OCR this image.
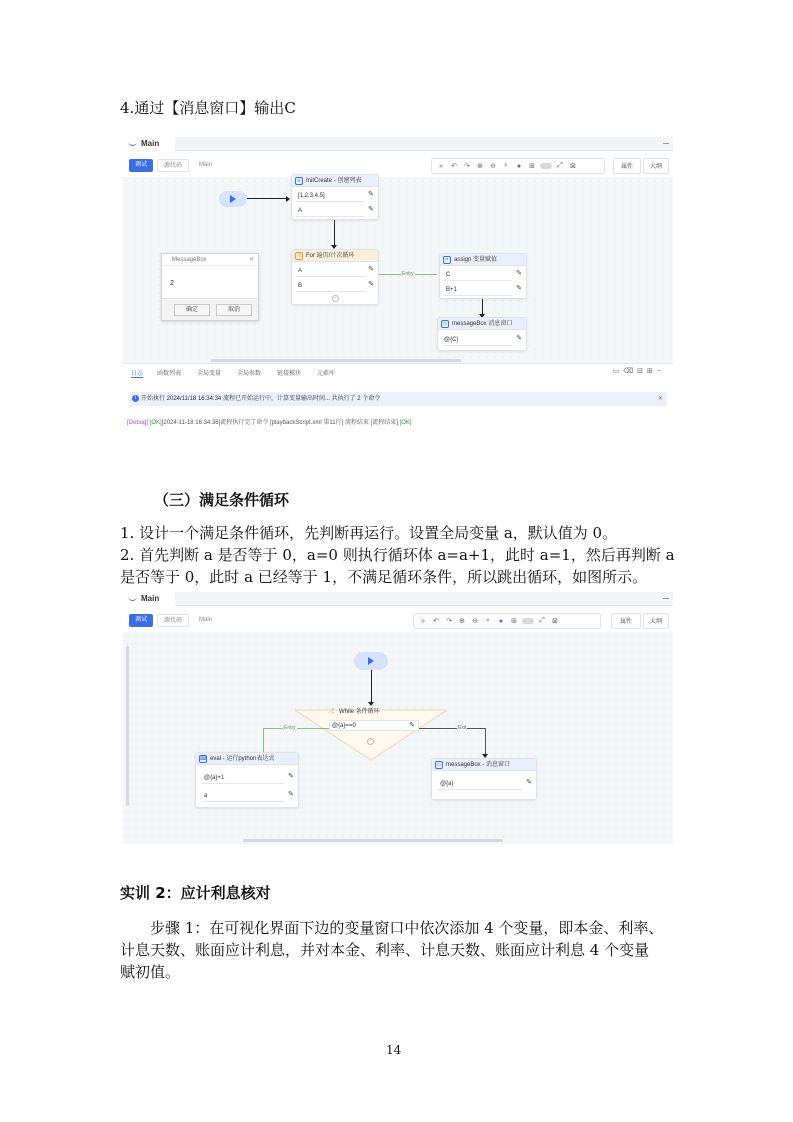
4.通过【消息窗口】输出C
Main
调试	源代码	Main	»	↶ ↷ ⊕ ⊖	⌕	●	⊞	⤢	⊠	属性	大纲
≡ InitCreate - 创建列表
[1,2,3,4,5]	✎
A	✎
⤮ For 遍历/计次循环
A	✎
B	✎
−
Entry
= assign 变量赋值
C	✎
B+1	✎
▭ messageBox 消息窗口
@{C}	✎
MessageBox	✕
2
确定	取消
日志 函数列表	全局变量	全局参数	链接模块	元素库	▭⌫⊟⊞−
i 开始执行 2024/11/18 16:34:34 流程已开始运行中，计算变量输出时间... 共执行了 2 个命令	✕
[Debug] [OK][2024-11-18 16:34:36]流程执行完了命令 [playbackScript.xml 第11行] 流程结束 [流程结束] [OK]
（三）满足条件循环
1. 设计一个满足条件循环，先判断再运行。设置全局变量 a，默认值为 0。
2. 首先判断 a 是否等于 0，a=0 则执行循环体 a=a+1，此时 a=1，然后再判断 a
是否等于 0，此时 a 已经等于 1，不满足循环条件，所以跳出循环，如图所示。
Main
调试	源代码	Main	»	↶ ↷ ⊕ ⊖	⌕	●	⊞	⤢	⊠	属性	大纲
⤮ While 条件循环
@{a}==0	✎
−
Entry	Exit
⌨ eval - 运行python表达式
@{a}+1	✎
a	✎
▭ messageBox - 消息窗口
@{a}	✎
实训 2：应计利息核对
步骤 1：在可视化界面下边的变量窗口中依次添加 4 个变量，即本金、利率、
计息天数、账面应计利息，并对本金、利率、计息天数、账面应计利息 4 个变量
赋初值。
14
